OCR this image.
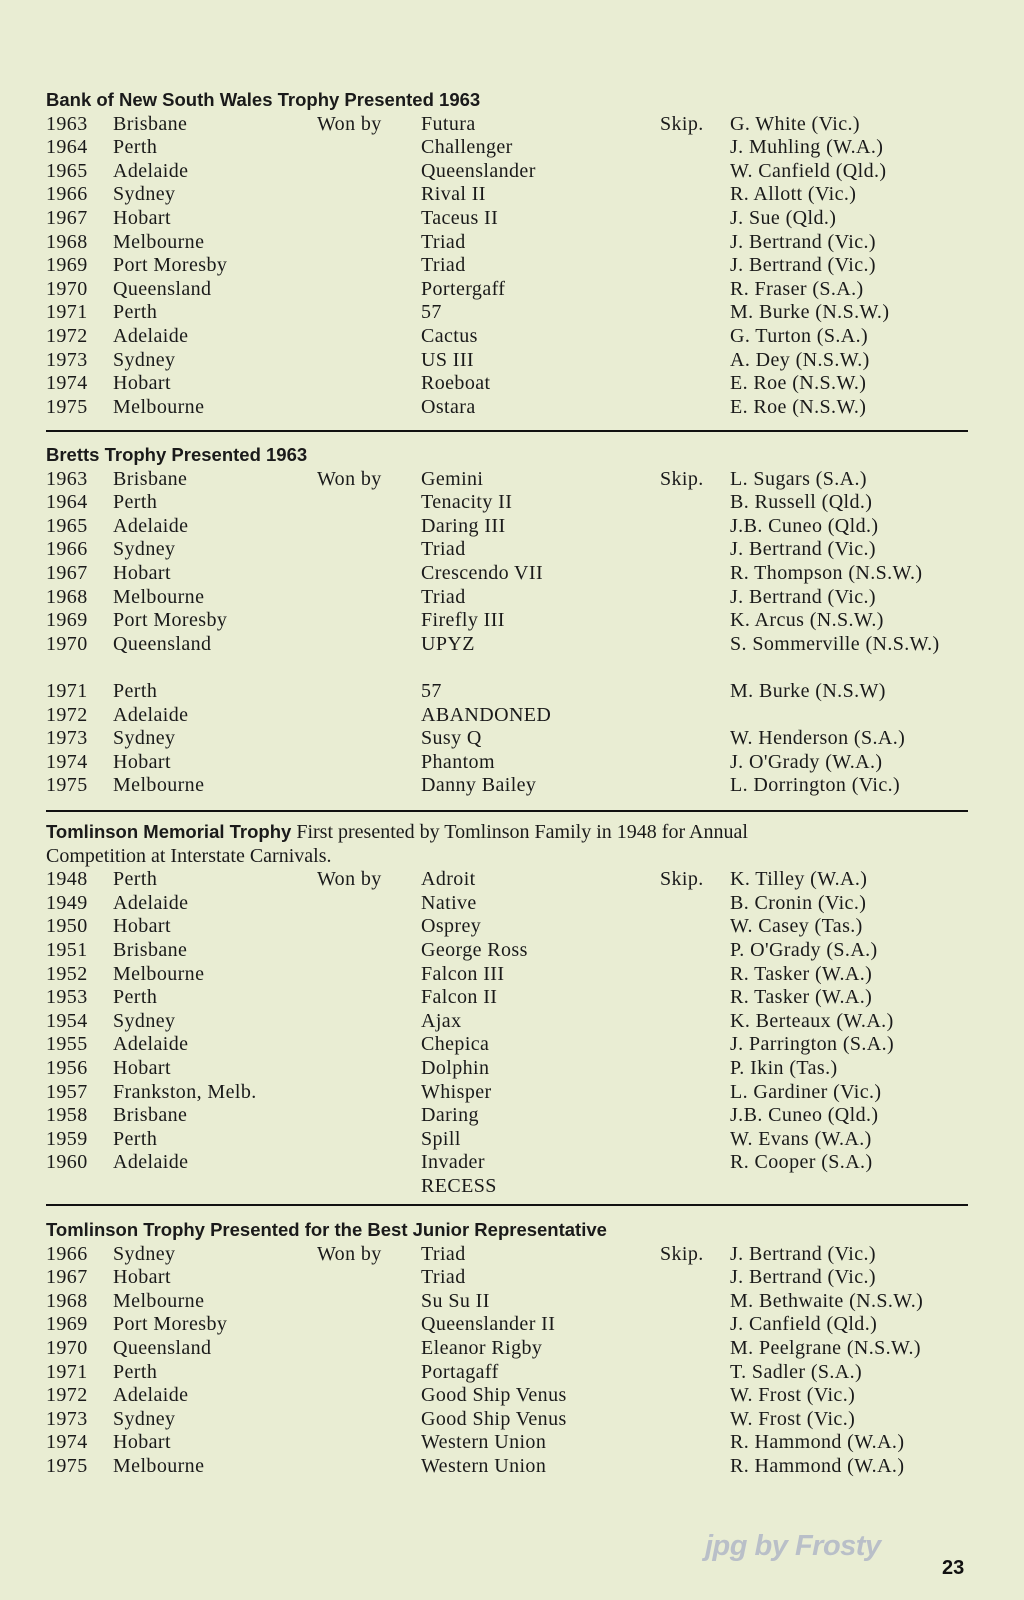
Bank of New South Wales Trophy Presented 1963
1963 Brisbane	Won by Futura	Skip. G. White (Vic.)
1964 Perth	Challenger	J. Muhling (W.A.)
1965 Adelaide	Queenslander	W. Canfield (Qld.)
1966 Sydney	Rival II	R. Allott (Vic.)
1967 Hobart	Taceus II	J. Sue (Qld.)
1968 Melbourne	Triad	J. Bertrand (Vic.)
1969 Port Moresby	Triad	J. Bertrand (Vic.)
1970 Queensland	Portergaff	R. Fraser (S.A.)
1971 Perth	57	M. Burke (N.S.W.)
1972 Adelaide	Cactus	G. Turton (S.A.)
1973 Sydney	US III	A. Dey (N.S.W.)
1974 Hobart	Roeboat	E. Roe (N.S.W.)
1975 Melbourne	Ostara	E. Roe (N.S.W.)
Bretts Trophy Presented 1963
1963 Brisbane	Won by Gemini	Skip. L. Sugars (S.A.)
1964 Perth	Tenacity II	B. Russell (Qld.)
1965 Adelaide	Daring III	J.B. Cuneo (Qld.)
1966 Sydney	Triad	J. Bertrand (Vic.)
1967 Hobart	Crescendo VII	R. Thompson (N.S.W.)
1968 Melbourne	Triad	J. Bertrand (Vic.)
1969 Port Moresby	Firefly III	K. Arcus (N.S.W.)
1970 Queensland	UPYZ	S. Sommerville (N.S.W.)
1971 Perth	57	M. Burke (N.S.W)
1972 Adelaide	ABANDONED
1973 Sydney	Susy Q	W. Henderson (S.A.)
1974 Hobart	Phantom	J. O'Grady (W.A.)
1975 Melbourne	Danny Bailey	L. Dorrington (Vic.)
Tomlinson Memorial Trophy First presented by Tomlinson Family in 1948 for Annual
Competition at Interstate Carnivals.
1948 Perth	Won by Adroit	Skip. K. Tilley (W.A.)
1949 Adelaide	Native	B. Cronin (Vic.)
1950 Hobart	Osprey	W. Casey (Tas.)
1951 Brisbane	George Ross	P. O'Grady (S.A.)
1952 Melbourne	Falcon III	R. Tasker (W.A.)
1953 Perth	Falcon II	R. Tasker (W.A.)
1954 Sydney	Ajax	K. Berteaux (W.A.)
1955 Adelaide	Chepica	J. Parrington (S.A.)
1956 Hobart	Dolphin	P. Ikin (Tas.)
1957 Frankston, Melb.	Whisper	L. Gardiner (Vic.)
1958 Brisbane	Daring	J.B. Cuneo (Qld.)
1959 Perth	Spill	W. Evans (W.A.)
1960 Adelaide	Invader	R. Cooper (S.A.)
RECESS
Tomlinson Trophy Presented for the Best Junior Representative
1966 Sydney	Won by Triad	Skip. J. Bertrand (Vic.)
1967 Hobart	Triad	J. Bertrand (Vic.)
1968 Melbourne	Su Su II	M. Bethwaite (N.S.W.)
1969 Port Moresby	Queenslander II	J. Canfield (Qld.)
1970 Queensland	Eleanor Rigby	M. Peelgrane (N.S.W.)
1971 Perth	Portagaff	T. Sadler (S.A.)
1972 Adelaide	Good Ship Venus	W. Frost (Vic.)
1973 Sydney	Good Ship Venus	W. Frost (Vic.)
1974 Hobart	Western Union	R. Hammond (W.A.)
1975 Melbourne	Western Union	R. Hammond (W.A.)
jpg by Frosty
23
